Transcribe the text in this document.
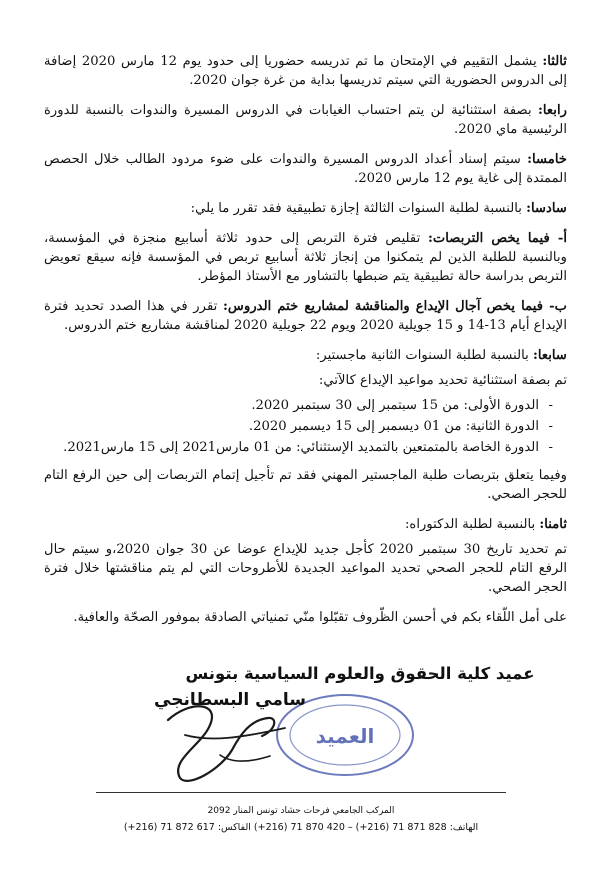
ثالثا: يشمل التقييم في الإمتحان ما تم تدريسه حضوريا إلى حدود يوم 12 مارس 2020 إضافة إلى الدروس الحضورية التي سيتم تدريسها بداية من غرة جوان 2020.

رابعا: بصفة استثنائية لن يتم احتساب الغيابات في الدروس المسيرة والندوات بالنسبة للدورة الرئيسية ماي 2020.

خامسا: سيتم إسناد أعداد الدروس المسيرة والندوات على ضوء مردود الطالب خلال الحصص الممتدة إلى غاية يوم 12 مارس 2020.

سادسا: بالنسبة لطلبة السنوات الثالثة إجازة تطبيقية فقد تقرر ما يلي:

أ- فيما يخص التربصات: تقليص فترة التربص إلى حدود ثلاثة أسابيع منجزة في المؤسسة، وبالنسبة للطلبة الذين لم يتمكنوا من إنجاز ثلاثة أسابيع تربص في المؤسسة فإنه سيقع تعويض التربص بدراسة حالة تطبيقية يتم ضبطها بالتشاور مع الأستاذ المؤطر.

ب- فيما يخص آجال الإيداع والمناقشة لمشاريع ختم الدروس: تقرر في هذا الصدد تحديد فترة الإيداع أيام 13-14 و 15 جويلية 2020 ويوم 22 جويلية 2020 لمناقشة مشاريع ختم الدروس.

سابعا: بالنسبة لطلبة السنوات الثانية ماجستير:

تم بصفة استثنائية تحديد مواعيد الإيداع كالآتي:

- الدورة الأولى: من 15 سبتمبر إلى 30 سبتمبر 2020.
- الدورة الثانية: من 01 ديسمبر إلى 15 ديسمبر 2020.
- الدورة الخاصة بالمتمتعين بالتمديد الإستثنائي: من 01 مارس2021 إلى 15 مارس2021.

وفيما يتعلق بتربصات طلبة الماجستير المهني فقد تم تأجيل إتمام التربصات إلى حين الرفع التام للحجر الصحي.

ثامنا: بالنسبة لطلبة الدكتوراه:

تم تحديد تاريخ 30 سبتمبر 2020 كأجل جديد للإيداع عوضا عن 30 جوان 2020،و سيتم حال الرفع التام للحجر الصحي تحديد المواعيد الجديدة للأطروحات التي لم يتم مناقشتها خلال فترة الحجر الصحي.

على أمل اللّقاء بكم في أحسن الظّروف تقبّلوا منّي تمنياتي الصادقة بموفور الصحّة والعافية.

عميد كلية الحقوق والعلوم السياسية بتونس
العميد
سامي البسطانجي
المركب الجامعي فرحات حشاد تونس المنار 2092
الهاتف: 828 871 71 (216+) – 420 870 71 (216+) الفاكس: 617 872 71 (216+)
